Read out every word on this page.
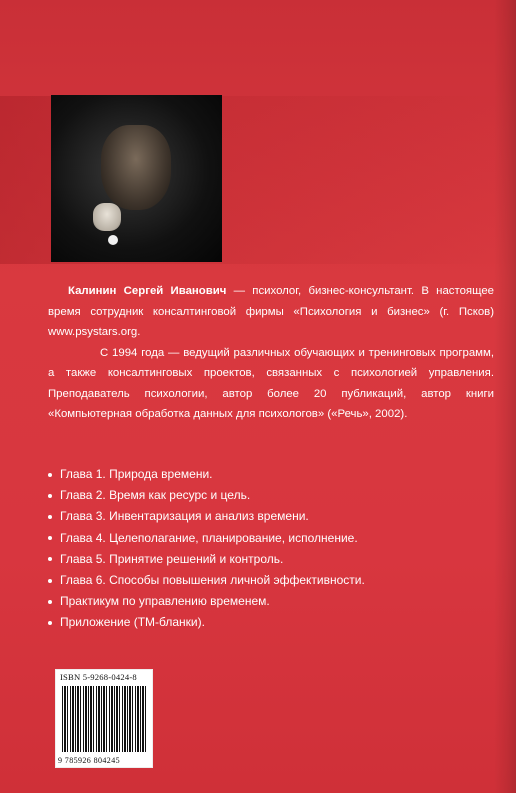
Калинин Сергей Иванович — психолог, бизнес-консультант. В настоящее время сотрудник консалтинговой фирмы «Психология и бизнес» (г. Псков) www.psystars.org.

С 1994 года — ведущий различных обучающих и тренинговых программ, а также консалтинговых проектов, связанных с психологией управления. Преподаватель психологии, автор более 20 публикаций, автор книги «Компьютерная обработка данных для психологов» («Речь», 2002).

Глава 1. Природа времени.
Глава 2. Время как ресурс и цель.
Глава 3. Инвентаризация и анализ времени.
Глава 4. Целеполагание, планирование, исполнение.
Глава 5. Принятие решений и контроль.
Глава 6. Способы повышения личной эффективности.
Практикум по управлению временем.
Приложение (ТМ-бланки).
ISBN 5-9268-0424-8
9 785926 804245
